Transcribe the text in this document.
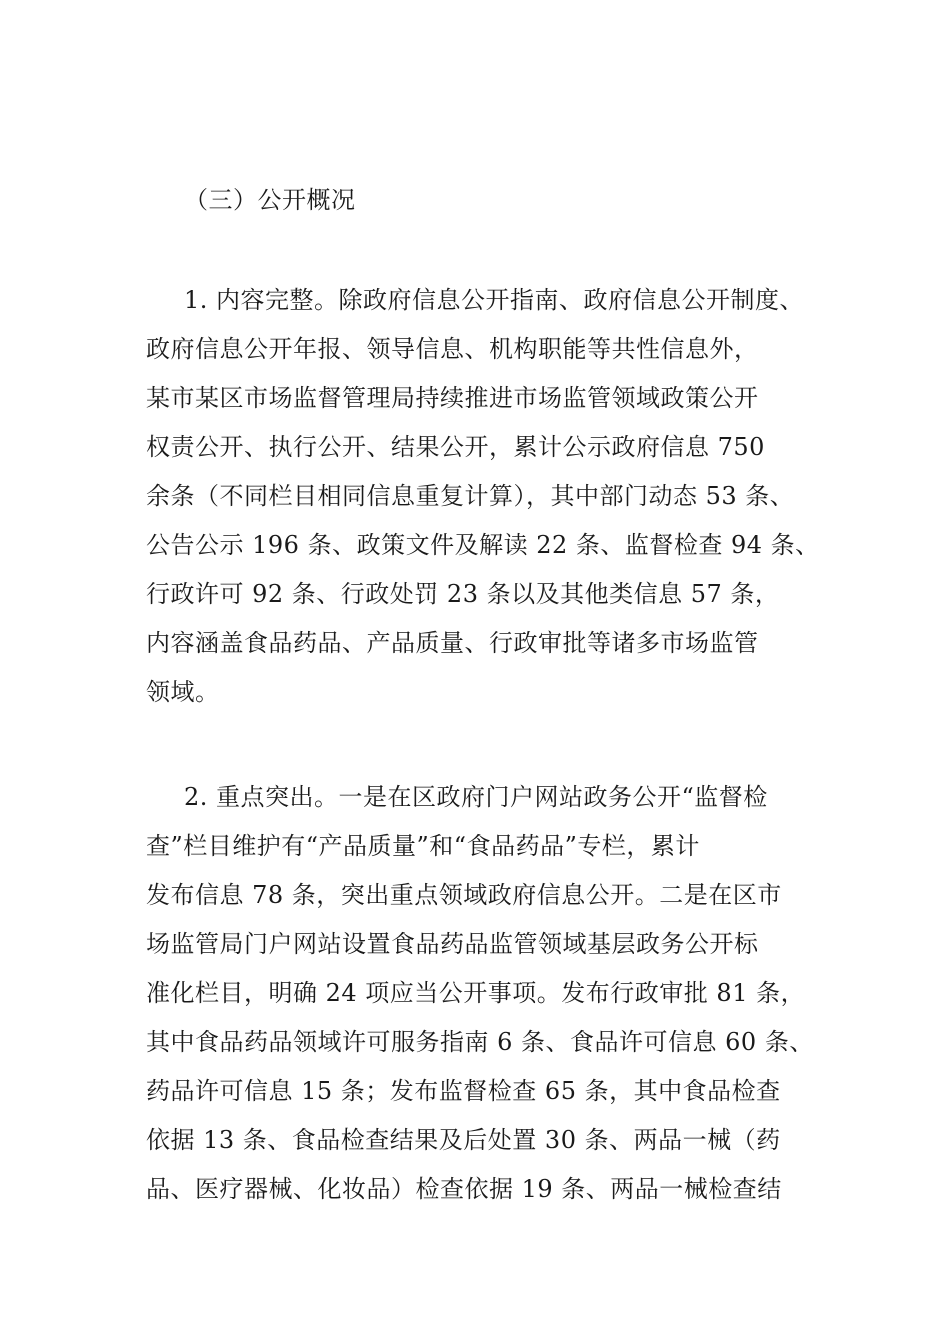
（三）公开概况
1. 内容完整。除政府信息公开指南、政府信息公开制度、
政府信息公开年报、领导信息、机构职能等共性信息外，
某市某区市场监督管理局持续推进市场监管领域政策公开
权责公开、执行公开、结果公开，累计公示政府信息 750
余条（不同栏目相同信息重复计算），其中部门动态 53 条、
公告公示 196 条、政策文件及解读 22 条、监督检查 94 条、
行政许可 92 条、行政处罚 23 条以及其他类信息 57 条，
内容涵盖食品药品、产品质量、行政审批等诸多市场监管
领域。
2. 重点突出。一是在区政府门户网站政务公开“监督检
查”栏目维护有“产品质量”和“食品药品”专栏，累计
发布信息 78 条，突出重点领域政府信息公开。二是在区市
场监管局门户网站设置食品药品监管领域基层政务公开标
准化栏目，明确 24 项应当公开事项。发布行政审批 81 条，
其中食品药品领域许可服务指南 6 条、食品许可信息 60 条、
药品许可信息 15 条；发布监督检查 65 条，其中食品检查
依据 13 条、食品检查结果及后处置 30 条、两品一械（药
品、医疗器械、化妆品）检查依据 19 条、两品一械检查结
